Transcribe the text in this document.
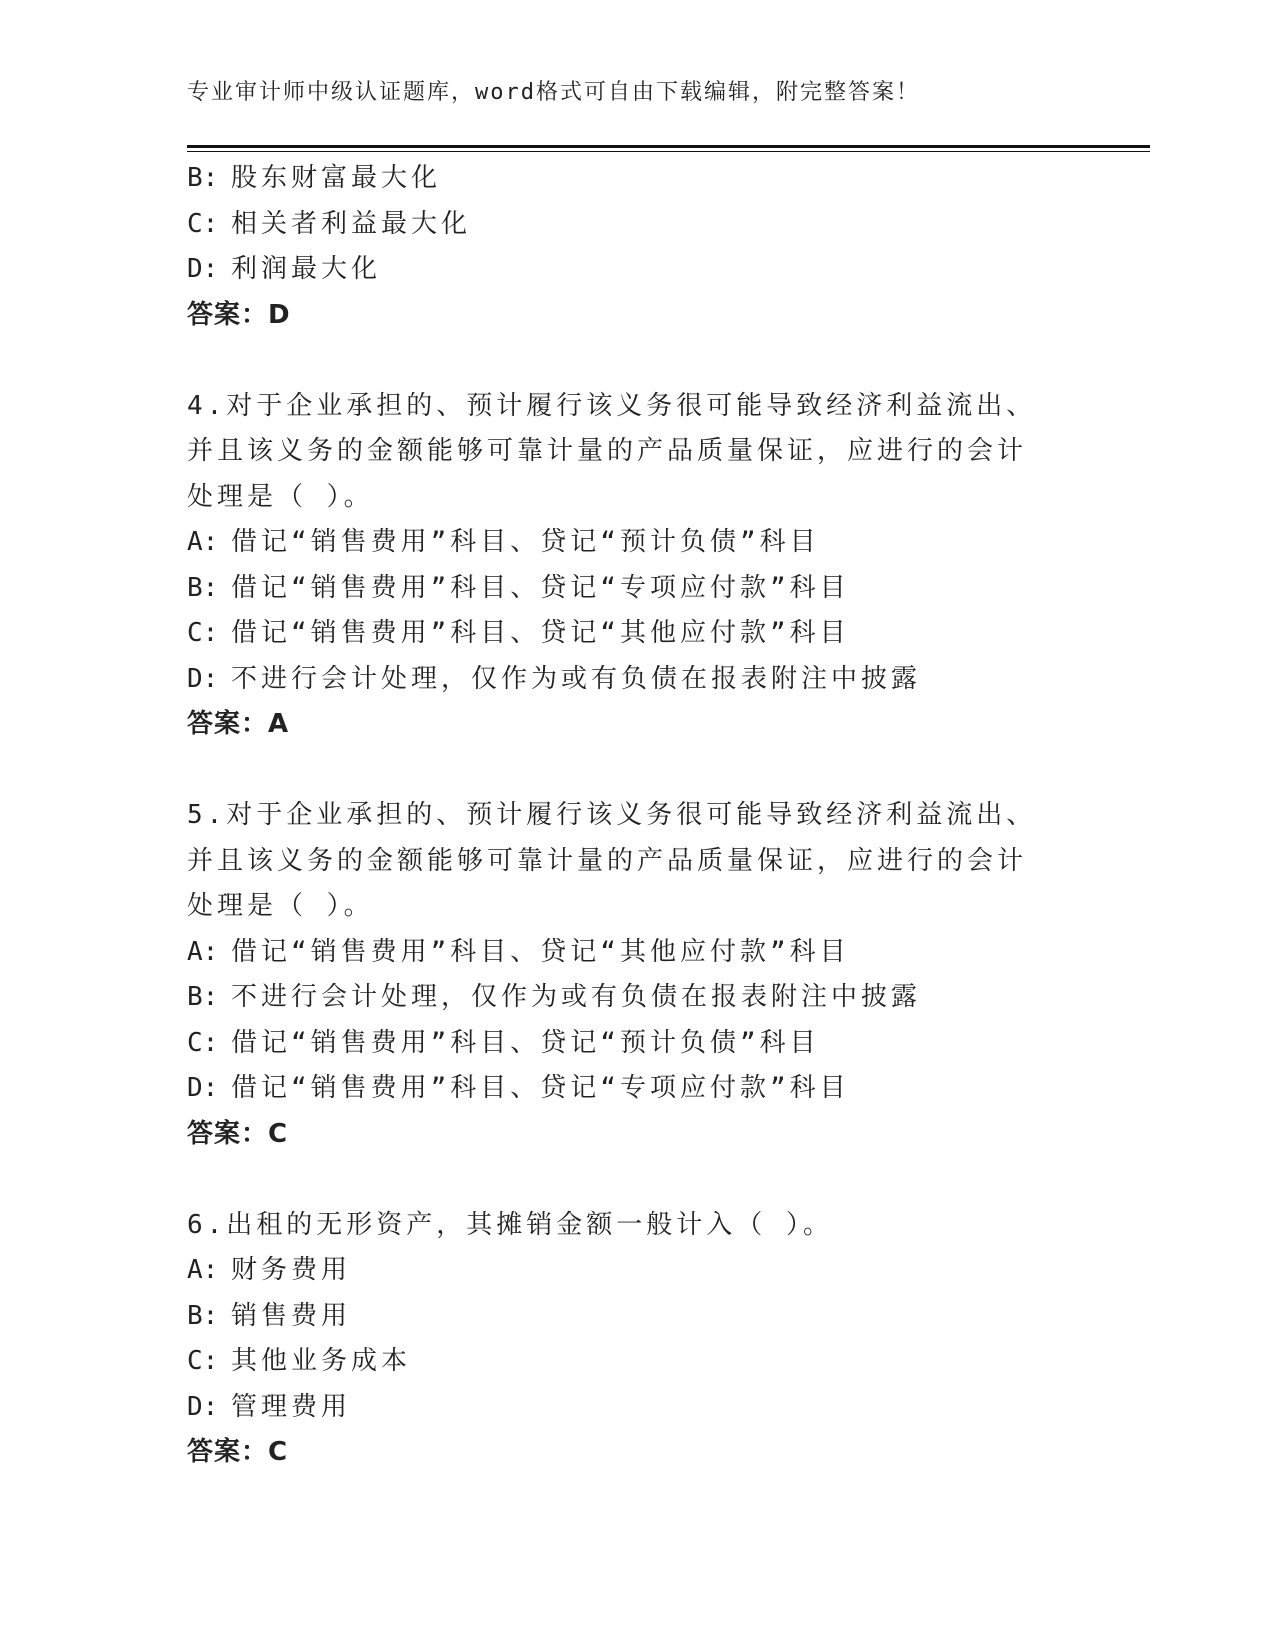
专业审计师中级认证题库，word格式可自由下载编辑，附完整答案！
B: 股东财富最大化
C: 相关者利益最大化
D: 利润最大化
答案：D
4.对于企业承担的、预计履行该义务很可能导致经济利益流出、并且该义务的金额能够可靠计量的产品质量保证，应进行的会计处理是（ ）。
A: 借记“销售费用”科目、贷记“预计负债”科目
B: 借记“销售费用”科目、贷记“专项应付款”科目
C: 借记“销售费用”科目、贷记“其他应付款”科目
D: 不进行会计处理，仅作为或有负债在报表附注中披露
答案：A
5.对于企业承担的、预计履行该义务很可能导致经济利益流出、并且该义务的金额能够可靠计量的产品质量保证，应进行的会计处理是（ ）。
A: 借记“销售费用”科目、贷记“其他应付款”科目
B: 不进行会计处理，仅作为或有负债在报表附注中披露
C: 借记“销售费用”科目、贷记“预计负债”科目
D: 借记“销售费用”科目、贷记“专项应付款”科目
答案：C
6.出租的无形资产，其摊销金额一般计入（ ）。
A: 财务费用
B: 销售费用
C: 其他业务成本
D: 管理费用
答案：C
